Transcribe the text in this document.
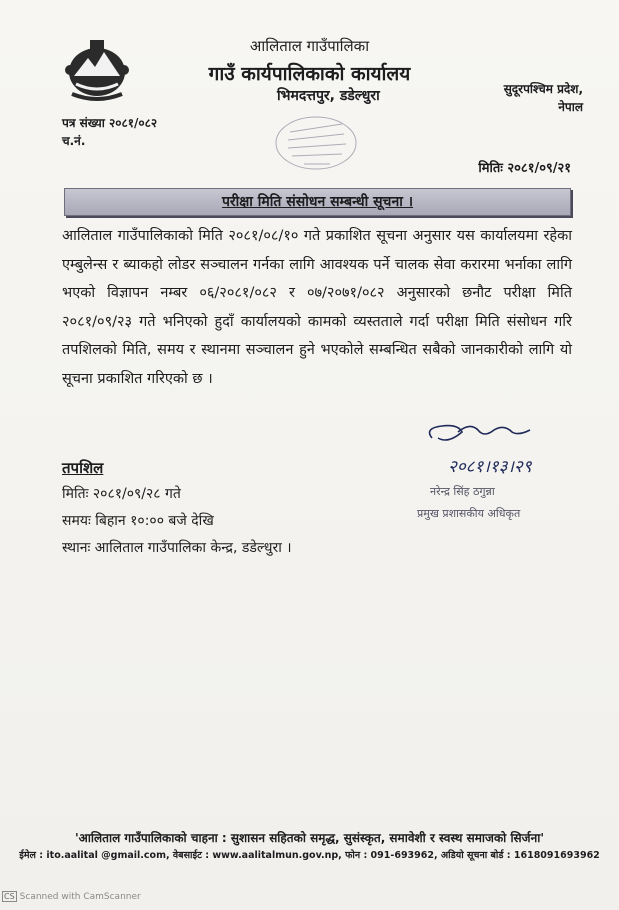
आलिताल गाउँपालिका
गाउँ कार्यपालिकाको कार्यालय
भिमदत्तपुर, डडेल्धुरा	सुदूरपश्चिम प्रदेश,
नेपाल
पत्र संख्या २०८१/०८२
च.नं.
मितिः २०८१/०९/२१
परीक्षा मिति संसोधन सम्बन्धी सूचना ।
आलिताल गाउँपालिकाको मिति २०८१/०८/१० गते प्रकाशित सूचना अनुसार यस कार्यालयमा रहेका एम्बुलेन्स र ब्याकहो लोडर सञ्चालन गर्नका लागि आवश्यक पर्ने चालक सेवा करारमा भर्नाका लागि भएको विज्ञापन नम्बर ०६/२०८१/०८२ र ०७/२०७१/०८२ अनुसारको छनौट परीक्षा मिति २०८१/०९/२३ गते भनिएको हुदाँ कार्यालयको कामको व्यस्तताले गर्दा परीक्षा मिति संसोधन गरि तपशिलको मिति, समय र स्थानमा सञ्चालन हुने भएकोले सम्बन्धित सबैको जानकारीको लागि यो सूचना प्रकाशित गरिएको छ ।
२०८१।१३।२९
नरेन्द्र सिंह ठगुन्ना
प्रमुख प्रशासकीय अधिकृत
तपशिल
मितिः २०८१/०९/२८ गते
समयः बिहान १०:०० बजे देखि
स्थानः आलिताल गाउँपालिका केन्द्र, डडेल्धुरा ।
'आलिताल गाउँपालिकाको चाहना : सुशासन सहितको समृद्ध, सुसंस्कृत, समावेशी र स्वस्थ समाजको सिर्जना'
ईमेल : ito.aalital @gmail.com, वेबसाईट : www.aalitalmun.gov.np, फोन : 091-693962, अडियो सूचना बोर्ड : 1618091693962
CS Scanned with CamScanner
